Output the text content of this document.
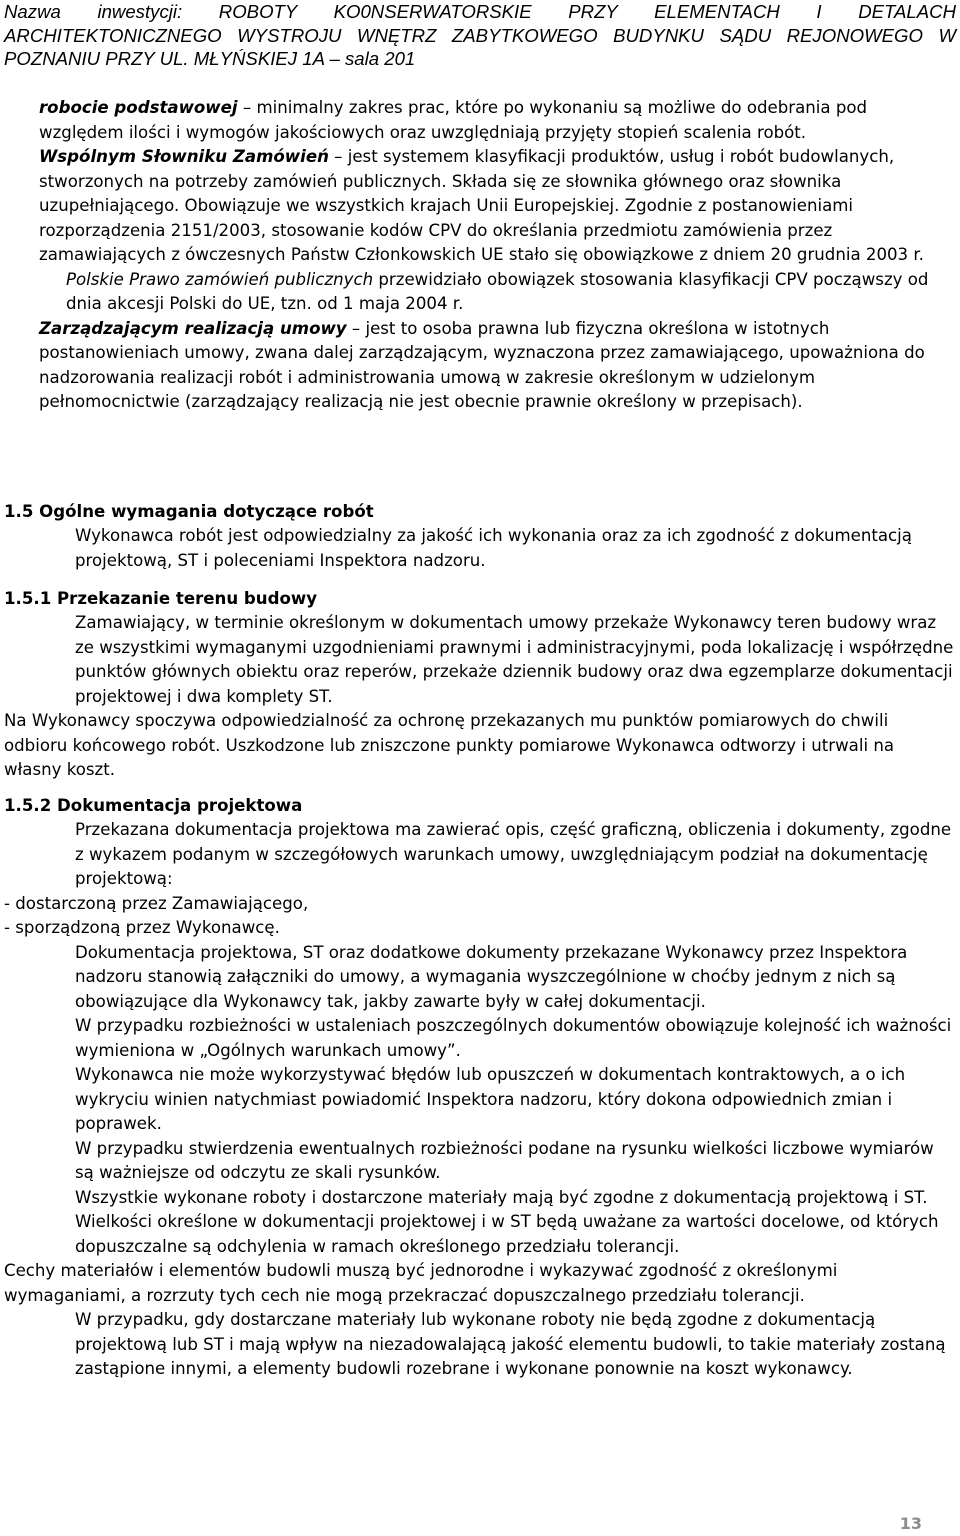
Nazwa inwestycji: ROBOTY KO0NSERWATORSKIE PRZY ELEMENTACH I DETALACH ARCHITEKTONICZNEGO WYSTROJU WNĘTRZ ZABYTKOWEGO BUDYNKU SĄDU REJONOWEGO W POZNANIU PRZY UL. MŁYŃSKIEJ 1A – sala 201

robocie podstawowej – minimalny zakres prac, które po wykonaniu są możliwe do odebrania pod względem ilości i wymogów jakościowych oraz uwzględniają przyjęty stopień scalenia robót.

Wspólnym Słowniku Zamówień – jest systemem klasyfikacji produktów, usług i robót budowlanych, stworzonych na potrzeby zamówień publicznych. Składa się ze słownika głównego oraz słownika uzupełniającego. Obowiązuje we wszystkich krajach Unii Europejskiej. Zgodnie z postanowieniami rozporządzenia 2151/2003, stosowanie kodów CPV do określania przedmiotu zamówienia przez zamawiających z ówczesnych Państw Członkowskich UE stało się obowiązkowe z dniem 20 grudnia 2003 r.

Polskie Prawo zamówień publicznych przewidziało obowiązek stosowania klasyfikacji CPV począwszy od dnia akcesji Polski do UE, tzn. od 1 maja 2004 r.

Zarządzającym realizacją umowy – jest to osoba prawna lub fizyczna określona w istotnych postanowieniach umowy, zwana dalej zarządzającym, wyznaczona przez zamawiającego, upoważniona do nadzorowania realizacji robót i administrowania umową w zakresie określonym w udzielonym pełnomocnictwie (zarządzający realizacją nie jest obecnie prawnie określony w przepisach).

1.5 Ogólne wymagania dotyczące robót

Wykonawca robót jest odpowiedzialny za jakość ich wykonania oraz za ich zgodność z dokumentacją projektową, ST i poleceniami Inspektora nadzoru.

1.5.1 Przekazanie terenu budowy

Zamawiający, w terminie określonym w dokumentach umowy przekaże Wykonawcy teren budowy wraz ze wszystkimi wymaganymi uzgodnieniami prawnymi i administracyjnymi, poda lokalizację i współrzędne punktów głównych obiektu oraz reperów, przekaże dziennik budowy oraz dwa egzemplarze dokumentacji projektowej i dwa komplety ST.

Na Wykonawcy spoczywa odpowiedzialność za ochronę przekazanych mu punktów pomiarowych do chwili odbioru końcowego robót. Uszkodzone lub zniszczone punkty pomiarowe Wykonawca odtworzy i utrwali na własny koszt.

1.5.2 Dokumentacja projektowa

Przekazana dokumentacja projektowa ma zawierać opis, część graficzną, obliczenia i dokumenty, zgodne z wykazem podanym w szczegółowych warunkach umowy, uwzględniającym podział na dokumentację projektową:

- dostarczoną przez Zamawiającego,

- sporządzoną przez Wykonawcę.

Dokumentacja projektowa, ST oraz dodatkowe dokumenty przekazane Wykonawcy przez Inspektora nadzoru stanowią załączniki do umowy, a wymagania wyszczególnione w choćby jednym z nich są obowiązujące dla Wykonawcy tak, jakby zawarte były w całej dokumentacji.

W przypadku rozbieżności w ustaleniach poszczególnych dokumentów obowiązuje kolejność ich ważności wymieniona w „Ogólnych warunkach umowy”.

Wykonawca nie może wykorzystywać błędów lub opuszczeń w dokumentach kontraktowych, a o ich wykryciu winien natychmiast powiadomić Inspektora nadzoru, który dokona odpowiednich zmian i poprawek.

W przypadku stwierdzenia ewentualnych rozbieżności podane na rysunku wielkości liczbowe wymiarów są ważniejsze od odczytu ze skali rysunków.

Wszystkie wykonane roboty i dostarczone materiały mają być zgodne z dokumentacją projektową i ST.

Wielkości określone w dokumentacji projektowej i w ST będą uważane za wartości docelowe, od których dopuszczalne są odchylenia w ramach określonego przedziału tolerancji.

Cechy materiałów i elementów budowli muszą być jednorodne i wykazywać zgodność z określonymi wymaganiami, a rozrzuty tych cech nie mogą przekraczać dopuszczalnego przedziału tolerancji.

W przypadku, gdy dostarczane materiały lub wykonane roboty nie będą zgodne z dokumentacją projektową lub ST i mają wpływ na niezadowalającą jakość elementu budowli, to takie materiały zostaną zastąpione innymi, a elementy budowli rozebrane i wykonane ponownie na koszt wykonawcy.

13
